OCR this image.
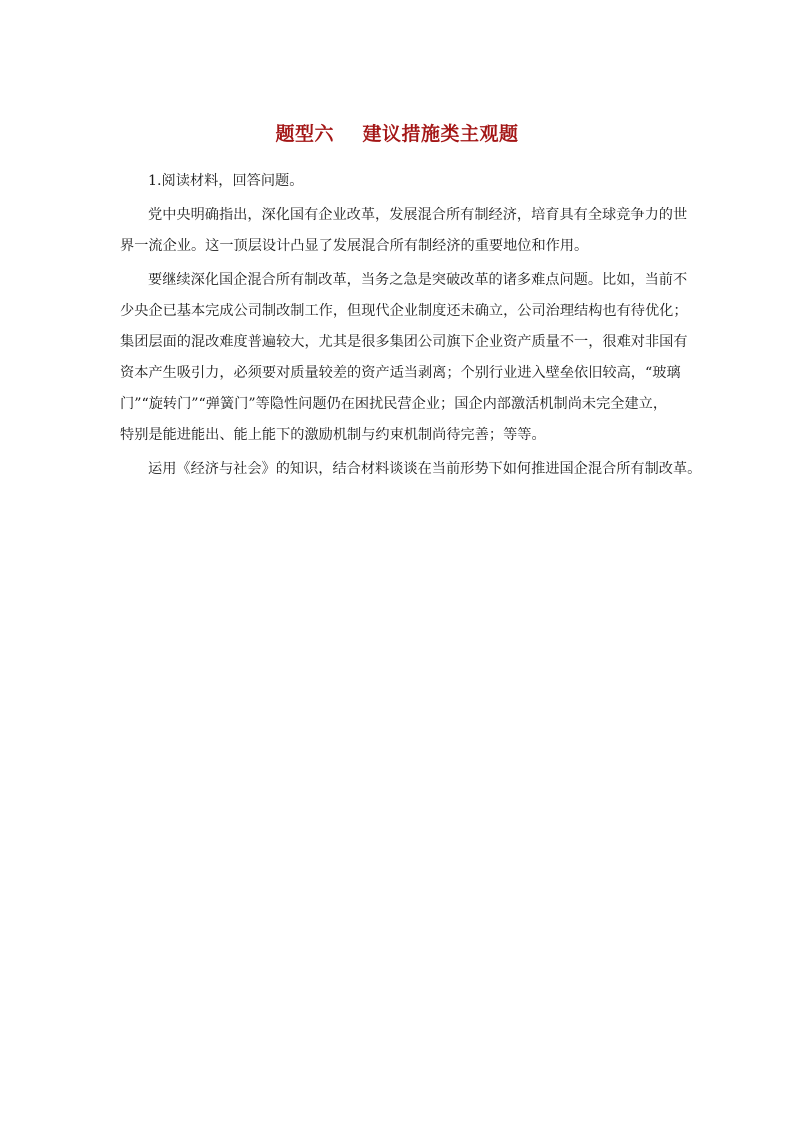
题型六    建议措施类主观题

1.阅读材料，回答问题。

党中央明确指出，深化国有企业改革，发展混合所有制经济，培育具有全球竞争力的世
界一流企业。这一顶层设计凸显了发展混合所有制经济的重要地位和作用。

要继续深化国企混合所有制改革，当务之急是突破改革的诸多难点问题。比如，当前不
少央企已基本完成公司制改制工作，但现代企业制度还未确立，公司治理结构也有待优化；
集团层面的混改难度普遍较大，尤其是很多集团公司旗下企业资产质量不一，很难对非国有
资本产生吸引力，必须要对质量较差的资产适当剥离；个别行业进入壁垒依旧较高，“玻璃
门”“旋转门”“弹簧门”等隐性问题仍在困扰民营企业；国企内部激活机制尚未完全建立，
特别是能进能出、能上能下的激励机制与约束机制尚待完善；等等。

运用《经济与社会》的知识，结合材料谈谈在当前形势下如何推进国企混合所有制改革。
